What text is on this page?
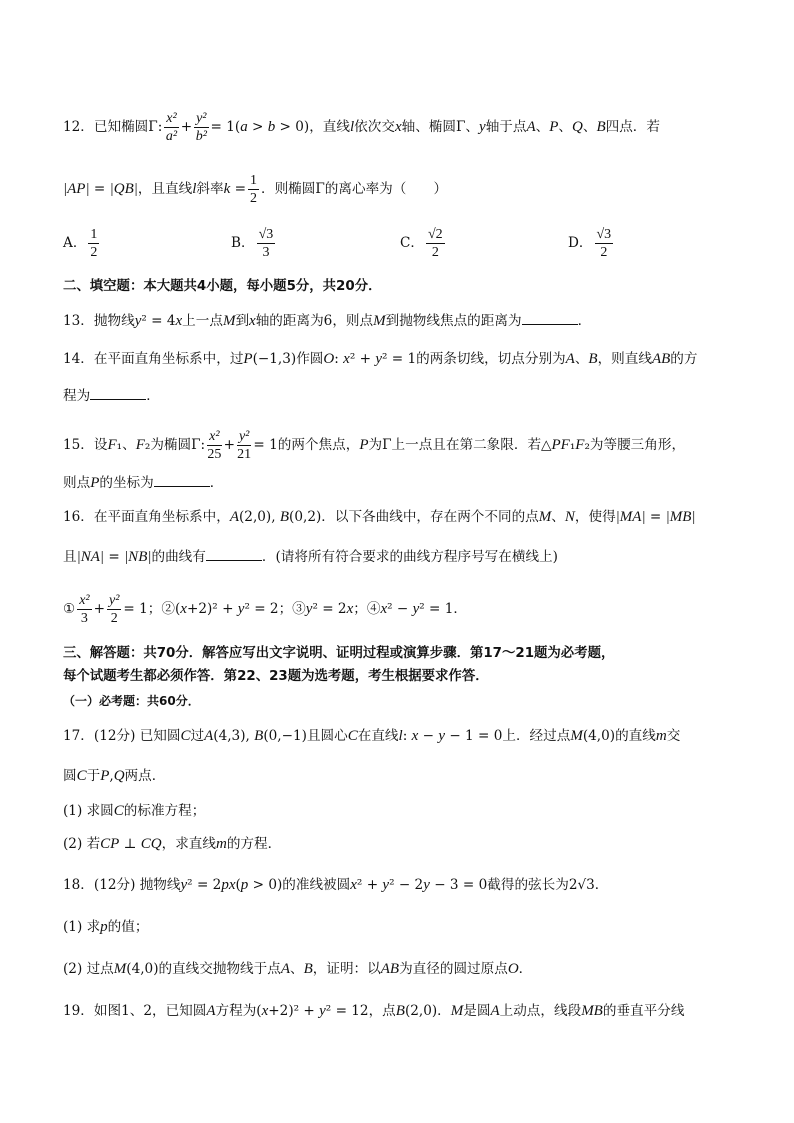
12．已知椭圆Γ: $\frac{\text{x²}}{\text{a²}} + \frac{\text{y²}}{\text{b²}} = 1(a > b > 0)$，直线l依次交x轴、椭圆Γ、y轴于点A、P、Q、B四点．若
|AP| = |QB|，且直线l斜率$k = \frac{1}{2}$ ．则椭圆Γ的离心率为（　　）
A． $\frac{1}{2}$	B． $\frac{√3}{3}$	C． $\frac{√2}{2}$	D． $\frac{√3}{2}$
二、填空题：本大题共4小题，每小题5分，共20分．
13．抛物线y² = 4x上一点M到x轴的距离为6，则点M到抛物线焦点的距离为	．
14．在平面直角坐标系中，过P(−1,3)作圆O: x² + y² = 1的两条切线，切点分别为A、B，则直线AB的方
程为	．
15．设F₁、F₂为椭圆Γ: $\frac{\text{x²}}{25} + \frac{\text{y²}}{21} = 1$的两个焦点，P为Γ上一点且在第二象限．若△PF₁F₂为等腰三角形，
则点P的坐标为	．
16．在平面直角坐标系中，A(2,0), B(0,2)．以下各曲线中，存在两个不同的点M、N，使得|MA| = |MB|
且|NA| = |NB|的曲线有	．(请将所有符合要求的曲线方程序号写在横线上)
① $\frac{\text{x²}}{3} + \frac{\text{y²}}{2} = 1$；②(x+2)² + y² = 2；③y² = 2x；④x² − y² = 1．
三、解答题：共70分．解答应写出文字说明、证明过程或演算步骤．第17～21题为必考题，
每个试题考生都必须作答．第22、23题为选考题，考生根据要求作答．
（一）必考题：共60分．
17．(12分) 已知圆C过A(4,3), B(0,−1)且圆心C在直线l: x − y − 1 = 0上．经过点M(4,0)的直线m交
圆C于P,Q两点．
(1) 求圆C的标准方程；
(2) 若CP ⊥ CQ，求直线m的方程．
18．(12分) 抛物线y² = 2px(p > 0)的准线被圆x² + y² − 2y − 3 = 0截得的弦长为2√3．
(1) 求p的值；
(2) 过点M(4,0)的直线交抛物线于点A、B，证明：以AB为直径的圆过原点O．
19．如图1、2，已知圆A方程为(x+2)² + y² = 12，点B(2,0)．M是圆A上动点，线段MB的垂直平分线
